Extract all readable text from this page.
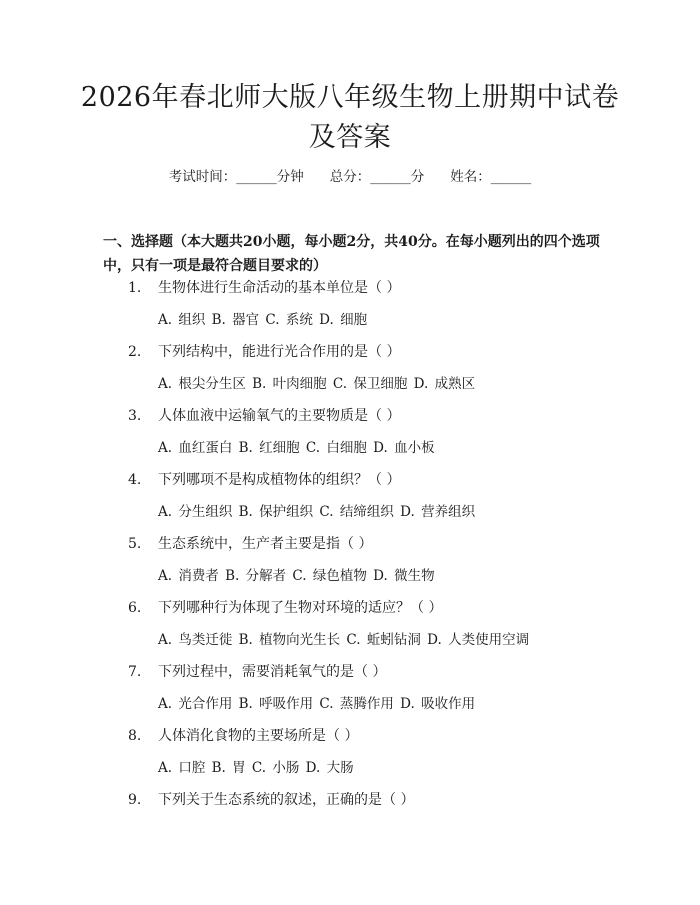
2026年春北师大版八年级生物上册期中试卷及答案
考试时间：______分钟 总分：______分 姓名：______
一、选择题（本大题共20小题，每小题2分，共40分。在每小题列出的四个选项中，只有一项是最符合题目要求的）
1. 生物体进行生命活动的基本单位是（ ）
A. 组织 B. 器官 C. 系统 D. 细胞
2. 下列结构中，能进行光合作用的是（ ）
A. 根尖分生区 B. 叶肉细胞 C. 保卫细胞 D. 成熟区
3. 人体血液中运输氧气的主要物质是（ ）
A. 血红蛋白 B. 红细胞 C. 白细胞 D. 血小板
4. 下列哪项不是构成植物体的组织？（ ）
A. 分生组织 B. 保护组织 C. 结缔组织 D. 营养组织
5. 生态系统中，生产者主要是指（ ）
A. 消费者 B. 分解者 C. 绿色植物 D. 微生物
6. 下列哪种行为体现了生物对环境的适应？（ ）
A. 鸟类迁徙 B. 植物向光生长 C. 蚯蚓钻洞 D. 人类使用空调
7. 下列过程中，需要消耗氧气的是（ ）
A. 光合作用 B. 呼吸作用 C. 蒸腾作用 D. 吸收作用
8. 人体消化食物的主要场所是（ ）
A. 口腔 B. 胃 C. 小肠 D. 大肠
9. 下列关于生态系统的叙述，正确的是（ ）
